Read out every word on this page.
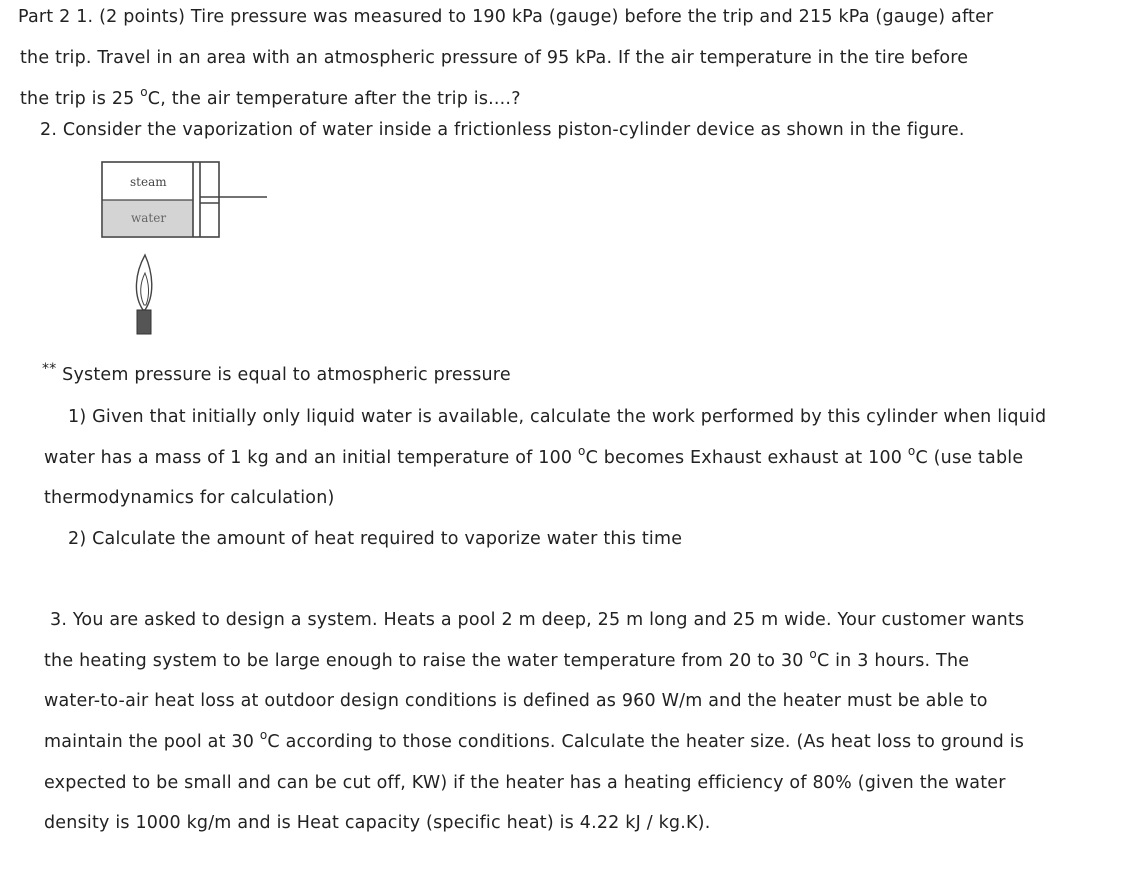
Part 2 1. (2 points) Tire pressure was measured to 190 kPa (gauge) before the trip and 215 kPa (gauge) after
the trip. Travel in an area with an atmospheric pressure of 95 kPa. If the air temperature in the tire before
the trip is 25 $^o$C, the air temperature after the trip is....?
2. Consider the vaporization of water inside a frictionless piston-cylinder device as shown in the figure.
steam
water
** System pressure is equal to atmospheric pressure
1) Given that initially only liquid water is available, calculate the work performed by this cylinder when liquid
water has a mass of 1 kg and an initial temperature of 100 $^o$C becomes Exhaust exhaust at 100 $^o$C (use table
thermodynamics for calculation)
2) Calculate the amount of heat required to vaporize water this time
3. You are asked to design a system. Heats a pool 2 m deep, 25 m long and 25 m wide. Your customer wants
the heating system to be large enough to raise the water temperature from 20 to 30 $^o$C in 3 hours. The
water-to-air heat loss at outdoor design conditions is defined as 960 W/m and the heater must be able to
maintain the pool at 30 $^o$C according to those conditions. Calculate the heater size. (As heat loss to ground is
expected to be small and can be cut off, KW) if the heater has a heating efficiency of 80% (given the water
density is 1000 kg/m and is Heat capacity (specific heat) is 4.22 kJ / kg.K).
